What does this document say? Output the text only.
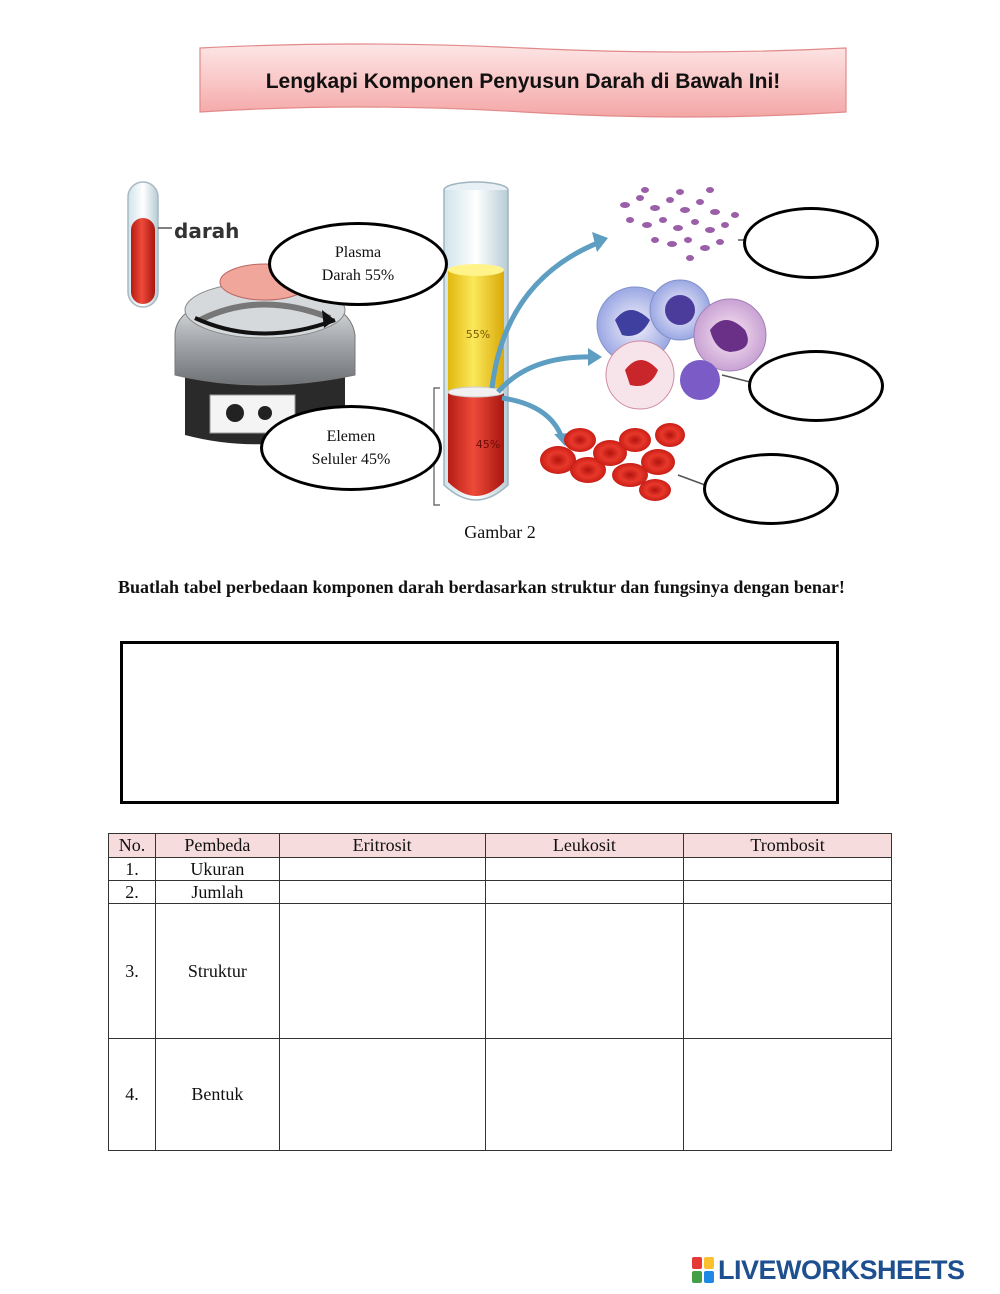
Lengkapi Komponen Penyusun Darah di Bawah Ini!
darah
55%
45%
Plasma
Darah 55%
Elemen
Seluler 45%
Gambar 2
Buatlah tabel perbedaan komponen darah berdasarkan struktur dan fungsinya dengan benar!
No.	Pembeda	Eritrosit	Leukosit	Trombosit
1.	Ukuran			
2.	Jumlah			
3.	Struktur			
4.	Bentuk			
LIVEWORKSHEETS
